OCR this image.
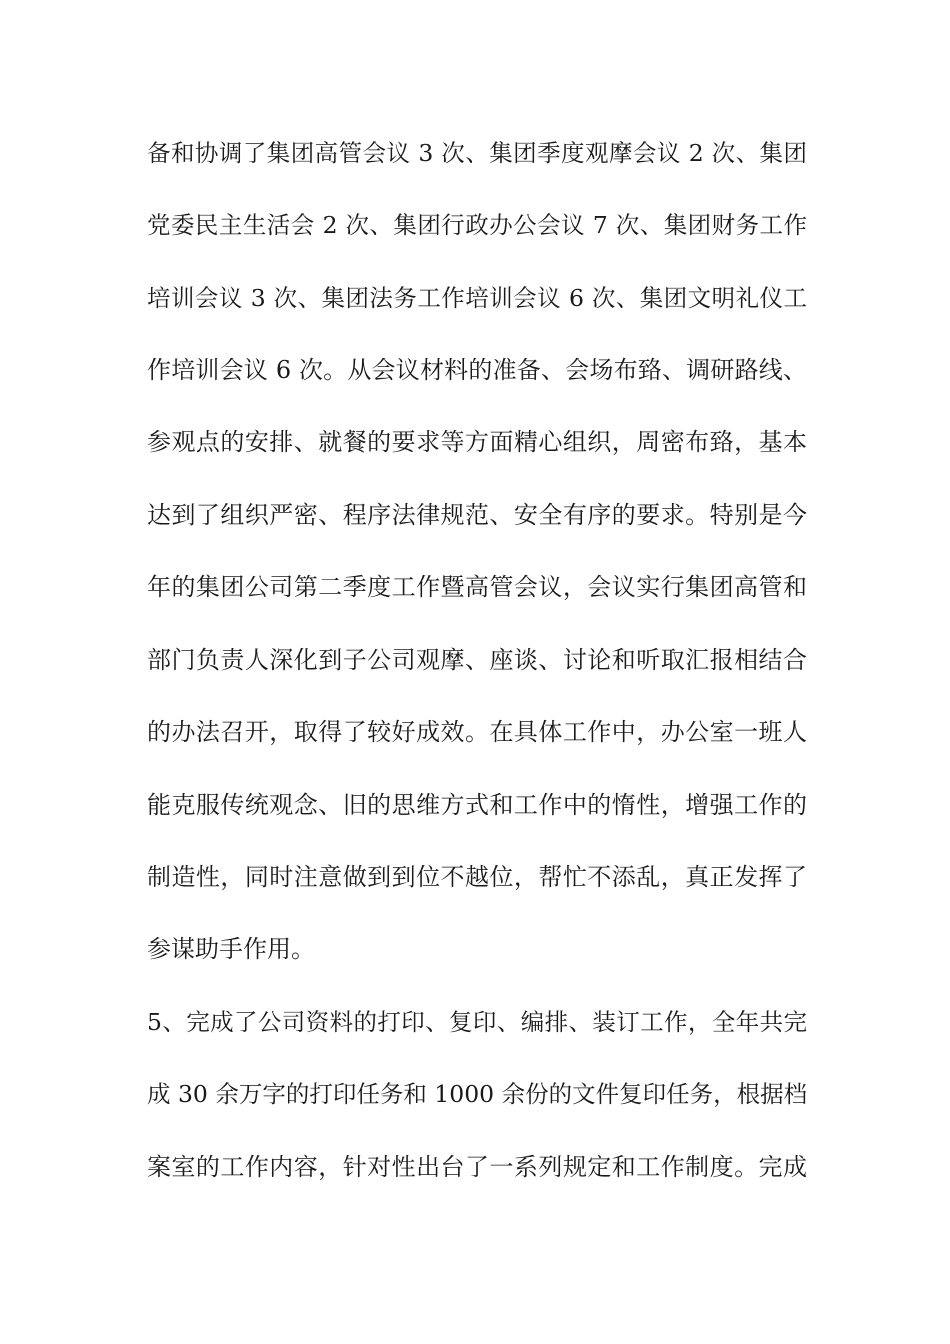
备和协调了集团高管会议 3 次、集团季度观摩会议 2 次、集团
党委民主生活会 2 次、集团行政办公会议 7 次、集团财务工作
培训会议 3 次、集团法务工作培训会议 6 次、集团文明礼仪工
作培训会议 6 次。从会议材料的准备、会场布臵、调研路线、
参观点的安排、就餐的要求等方面精心组织，周密布臵，基本
达到了组织严密、程序法律规范、安全有序的要求。特别是今
年的集团公司第二季度工作暨高管会议，会议实行集团高管和
部门负责人深化到子公司观摩、座谈、讨论和听取汇报相结合
的办法召开，取得了较好成效。在具体工作中，办公室一班人
能克服传统观念、旧的思维方式和工作中的惰性，增强工作的
制造性，同时注意做到到位不越位，帮忙不添乱，真正发挥了
参谋助手作用。
5、完成了公司资料的打印、复印、编排、装订工作，全年共完
成 30 余万字的打印任务和 1000 余份的文件复印任务，根据档
案室的工作内容，针对性出台了一系列规定和工作制度。完成
